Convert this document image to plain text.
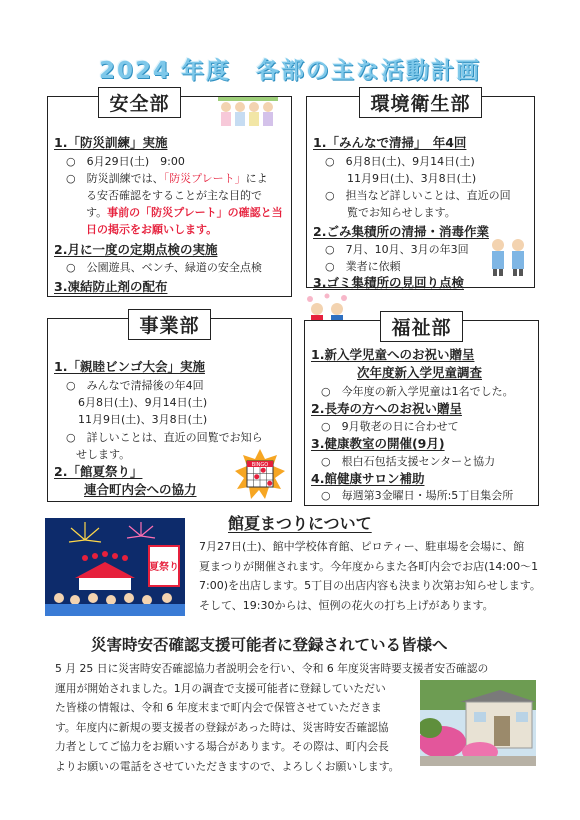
2024 年度　各部の主な活動計画
安全部
1.「防災訓練」実施
○　6月29日(土)　9:00
○　防災訓練では、「防災プレート」によ
る安否確認をすることが主な目的で
す。事前の「防災プレート」の確認と当
日の掲示をお願いします。
2.月に一度の定期点検の実施
○　公園遊具、ベンチ、緑道の安全点検
3.凍結防止剤の配布
環境衛生部
1.「みんなで清掃」　年4回
○　6月8日(土)、9月14日(土)
11月9日(土)、3月8日(土)
○　担当など詳しいことは、直近の回
覧でお知らせします。
2.ごみ集積所の清掃・消毒作業
○　7月、10月、3月の年3回
○　業者に依頼
3.ゴミ集積所の見回り点検
事業部
1.「親睦ビンゴ大会」実施
○　みんなで清掃後の年4回
6月8日(土)、9月14日(土)
11月9日(土)、3月8日(土)
○　詳しいことは、直近の回覧でお知ら
せします。
2.「館夏祭り」
連合町内会への協力
BINGO
福祉部
1.新入学児童へのお祝い贈呈
次年度新入学児童調査
○　今年度の新入学児童は1名でした。
2.長寿の方へのお祝い贈呈
○　9月敬老の日に合わせて
3.健康教室の開催(9月)
○　根白石包括支援センターと協力
4.館健康サロン補助
○　毎週第3金曜日・場所:5丁目集会所
館夏まつりについて
夏祭り
7月27日(土)、館中学校体育館、ピロティー、駐車場を会場に、館
夏まつりが開催されます。今年度からまた各町内会でお店(14:00〜1
7:00)を出店します。5丁目の出店内容も決まり次第お知らせします。
そして、19:30からは、恒例の花火の打ち上げがあります。
災害時安否確認支援可能者に登録されている皆様へ
5 月 25 日に災害時安否確認協力者説明会を行い、令和 6 年度災害時要支援者安否確認の
運用が開始されました。1月の調査で支援可能者に登録していただい
た皆様の情報は、令和 6 年度末まで町内会で保管させていただきま
す。年度内に新規の要支援者の登録があった時は、災害時安否確認協
力者としてご協力をお願いする場合があります。その際は、町内会長
よりお願いの電話をさせていただきますので、よろしくお願いします。
